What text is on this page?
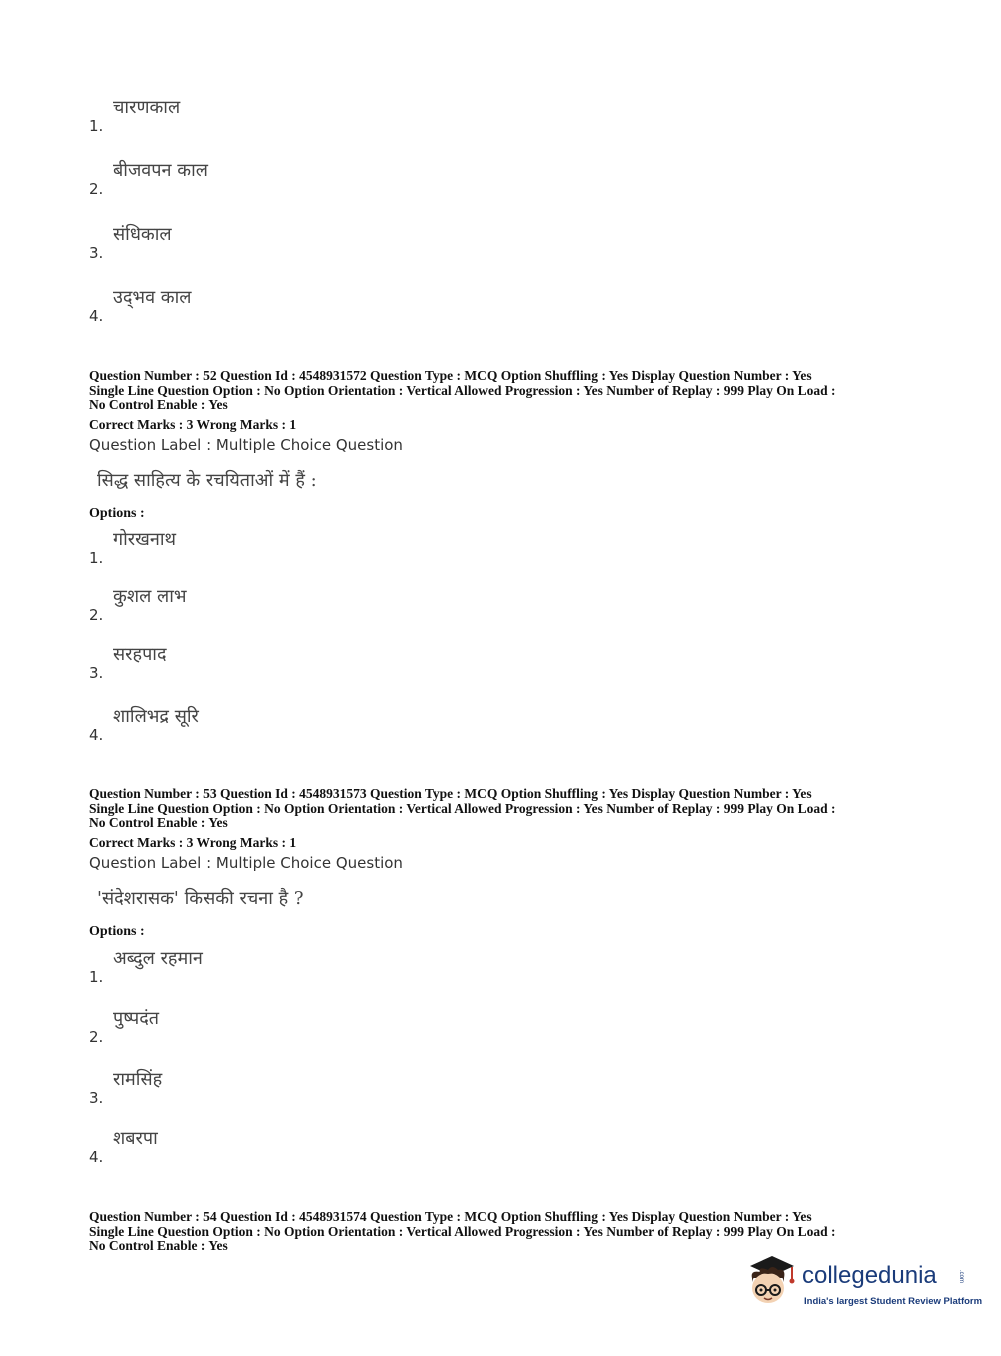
1.
चारणकाल
2.
बीजवपन काल
3.
संधिकाल
4.
उद्‌भव काल
Question Number : 52 Question Id : 4548931572 Question Type : MCQ Option Shuffling : Yes Display Question Number : Yes
Single Line Question Option : No Option Orientation : Vertical Allowed Progression : Yes Number of Replay : 999 Play On Load :
No Control Enable : Yes
Correct Marks : 3 Wrong Marks : 1
Question Label : Multiple Choice Question
सिद्ध साहित्य के रचयिताओं में हैं :
Options :
1.
गोरखनाथ
2.
कुशल लाभ
3.
सरहपाद
4.
शालिभद्र सूरि
Question Number : 53 Question Id : 4548931573 Question Type : MCQ Option Shuffling : Yes Display Question Number : Yes
Single Line Question Option : No Option Orientation : Vertical Allowed Progression : Yes Number of Replay : 999 Play On Load :
No Control Enable : Yes
Correct Marks : 3 Wrong Marks : 1
Question Label : Multiple Choice Question
'संदेशरासक' किसकी रचना है ?
Options :
1.
अब्दुल रहमान
2.
पुष्पदंत
3.
रामसिंह
4.
शबरपा
Question Number : 54 Question Id : 4548931574 Question Type : MCQ Option Shuffling : Yes Display Question Number : Yes
Single Line Question Option : No Option Orientation : Vertical Allowed Progression : Yes Number of Replay : 999 Play On Load :
No Control Enable : Yes
collegedunia	.com
India's largest Student Review Platform
